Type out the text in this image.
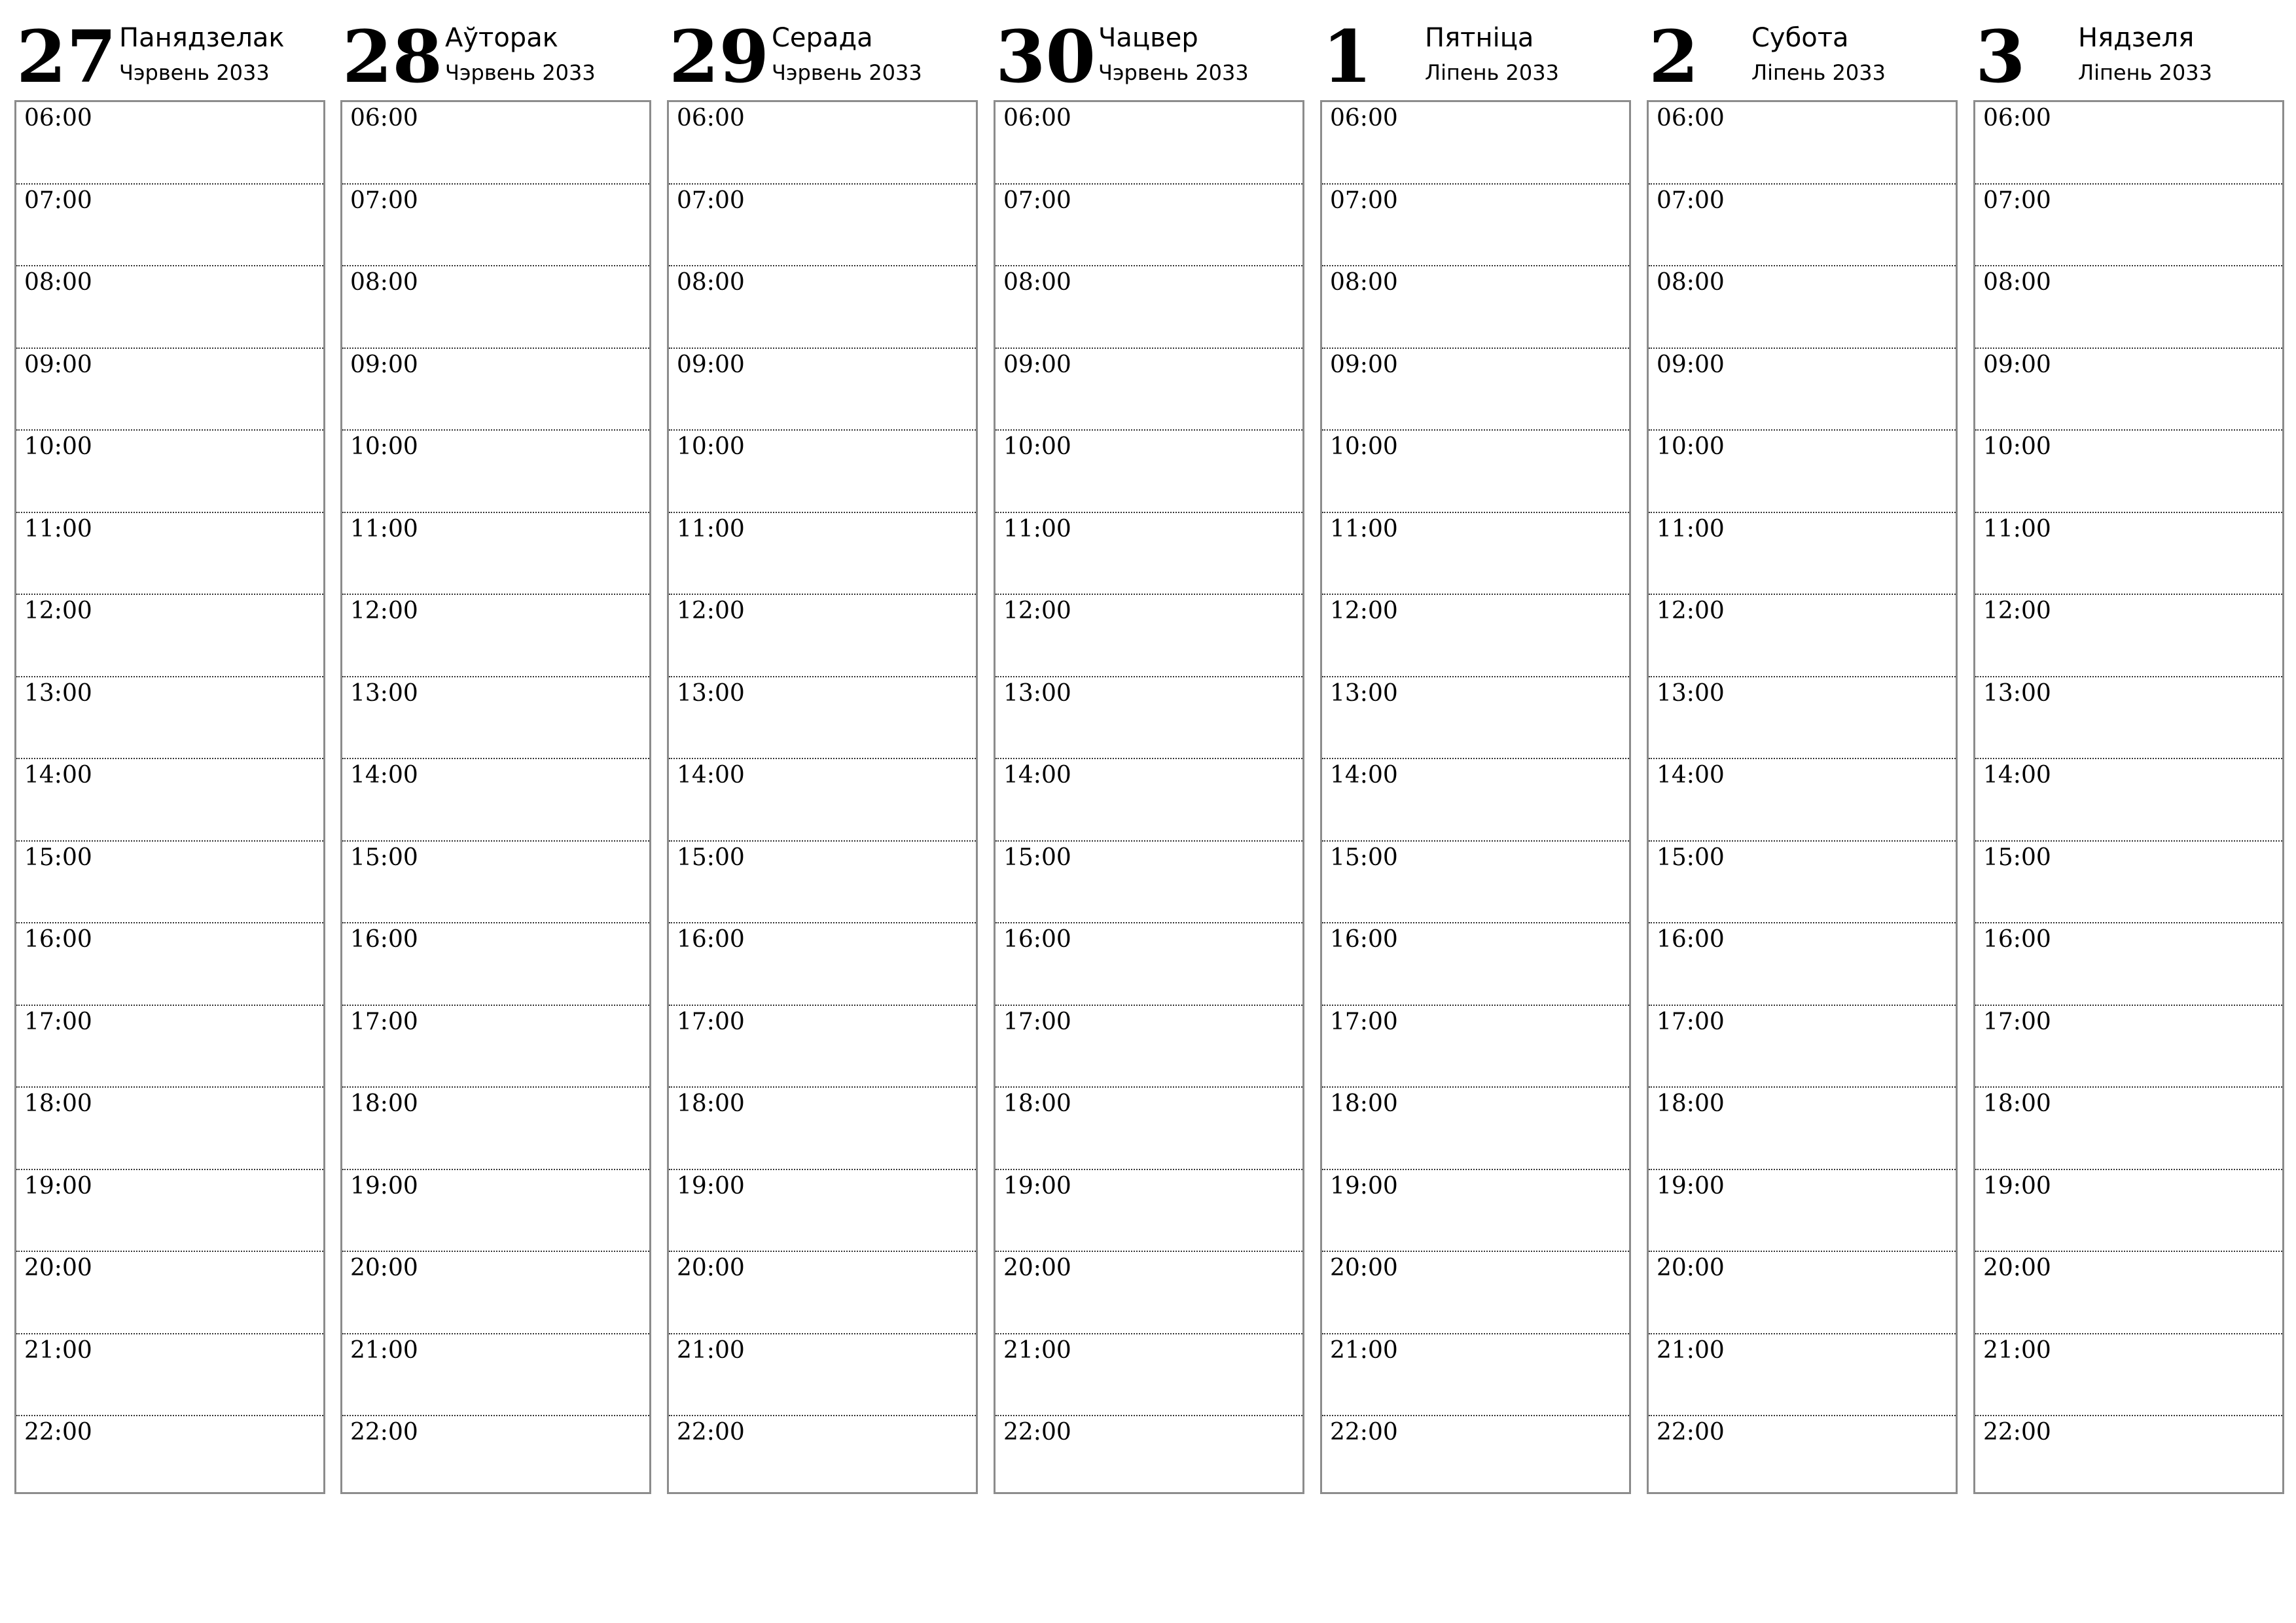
27 Панядзелак
Чэрвень 2033
06:00
07:00
08:00
09:00
10:00
11:00
12:00
13:00
14:00
15:00
16:00
17:00
18:00
19:00
20:00
21:00
22:00
28 Аўторак
Чэрвень 2033
06:00
07:00
08:00
09:00
10:00
11:00
12:00
13:00
14:00
15:00
16:00
17:00
18:00
19:00
20:00
21:00
22:00
29 Серада
Чэрвень 2033
06:00
07:00
08:00
09:00
10:00
11:00
12:00
13:00
14:00
15:00
16:00
17:00
18:00
19:00
20:00
21:00
22:00
30 Чацвер
Чэрвень 2033
06:00
07:00
08:00
09:00
10:00
11:00
12:00
13:00
14:00
15:00
16:00
17:00
18:00
19:00
20:00
21:00
22:00
1 Пятніца
Ліпень 2033
06:00
07:00
08:00
09:00
10:00
11:00
12:00
13:00
14:00
15:00
16:00
17:00
18:00
19:00
20:00
21:00
22:00
2 Субота
Ліпень 2033
06:00
07:00
08:00
09:00
10:00
11:00
12:00
13:00
14:00
15:00
16:00
17:00
18:00
19:00
20:00
21:00
22:00
3 Нядзеля
Ліпень 2033
06:00
07:00
08:00
09:00
10:00
11:00
12:00
13:00
14:00
15:00
16:00
17:00
18:00
19:00
20:00
21:00
22:00
